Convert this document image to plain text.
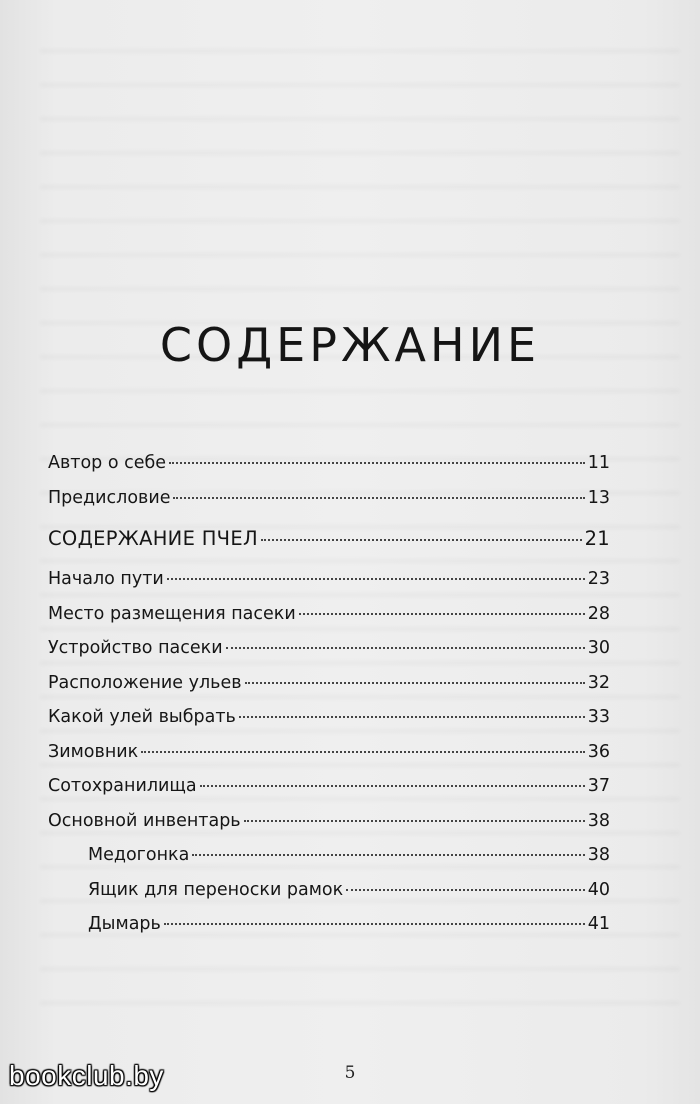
СОДЕРЖАНИЕ
Автор о себе	11
Предисловие	13
СОДЕРЖАНИЕ ПЧЕЛ	21
Начало пути	23
Место размещения пасеки	28
Устройство пасеки	30
Расположение ульев	32
Какой улей выбрать	33
Зимовник	36
Сотохранилища	37
Основной инвентарь	38
Медогонка	38
Ящик для переноски рамок	40
Дымарь	41
5
bookclub.by
